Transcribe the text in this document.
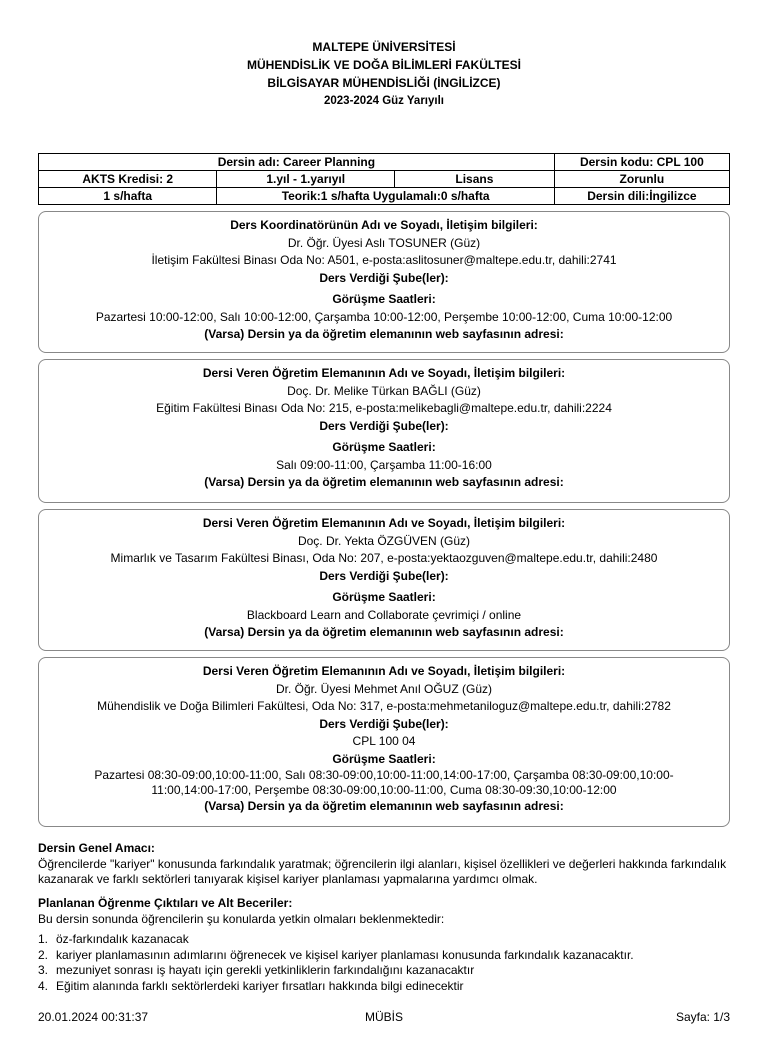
MALTEPE ÜNİVERSİTESİ
MÜHENDİSLİK VE DOĞA BİLİMLERİ FAKÜLTESİ
BİLGİSAYAR MÜHENDİSLİĞİ (İNGİLİZCE)
2023-2024 Güz Yarıyılı
Dersin adı: Career Planning			Dersin kodu: CPL 100
AKTS Kredisi: 2	1.yıl - 1.yarıyıl	Lisans	Zorunlu
1 s/hafta	Teorik:1 s/hafta Uygulamalı:0 s/hafta		Dersin dili:İngilizce
Ders Koordinatörünün Adı ve Soyadı, İletişim bilgileri:
Dr. Öğr. Üyesi Aslı TOSUNER (Güz)
İletişim Fakültesi Binası Oda No: A501, e-posta:aslitosuner@maltepe.edu.tr, dahili:2741
Ders Verdiği Şube(ler):
Görüşme Saatleri:
Pazartesi 10:00-12:00, Salı 10:00-12:00, Çarşamba 10:00-12:00, Perşembe 10:00-12:00, Cuma 10:00-12:00
(Varsa) Dersin ya da öğretim elemanının web sayfasının adresi:
Dersi Veren Öğretim Elemanının Adı ve Soyadı, İletişim bilgileri:
Doç. Dr. Melike Türkan BAĞLI (Güz)
Eğitim Fakültesi Binası Oda No: 215, e-posta:melikebagli@maltepe.edu.tr, dahili:2224
Ders Verdiği Şube(ler):
Görüşme Saatleri:
Salı 09:00-11:00, Çarşamba 11:00-16:00
(Varsa) Dersin ya da öğretim elemanının web sayfasının adresi:
Dersi Veren Öğretim Elemanının Adı ve Soyadı, İletişim bilgileri:
Doç. Dr. Yekta ÖZGÜVEN (Güz)
Mimarlık ve Tasarım Fakültesi Binası, Oda No: 207, e-posta:yektaozguven@maltepe.edu.tr, dahili:2480
Ders Verdiği Şube(ler):
Görüşme Saatleri:
Blackboard Learn and Collaborate çevrimiçi / online
(Varsa) Dersin ya da öğretim elemanının web sayfasının adresi:
Dersi Veren Öğretim Elemanının Adı ve Soyadı, İletişim bilgileri:
Dr. Öğr. Üyesi Mehmet Anıl OĞUZ (Güz)
Mühendislik ve Doğa Bilimleri Fakültesi, Oda No: 317, e-posta:mehmetaniloguz@maltepe.edu.tr, dahili:2782
Ders Verdiği Şube(ler):
CPL 100 04
Görüşme Saatleri:
Pazartesi 08:30-09:00,10:00-11:00, Salı 08:30-09:00,10:00-11:00,14:00-17:00, Çarşamba 08:30-09:00,10:00-11:00,14:00-17:00, Perşembe 08:30-09:00,10:00-11:00, Cuma 08:30-09:30,10:00-12:00
(Varsa) Dersin ya da öğretim elemanının web sayfasının adresi:
Dersin Genel Amacı:
Öğrencilerde "kariyer" konusunda farkındalık yaratmak; öğrencilerin ilgi alanları, kişisel özellikleri ve değerleri hakkında farkındalık kazanarak ve farklı sektörleri tanıyarak kişisel kariyer planlaması yapmalarına yardımcı olmak.
Planlanan Öğrenme Çıktıları ve Alt Beceriler:
Bu dersin sonunda öğrencilerin şu konularda yetkin olmaları beklenmektedir:
1. öz-farkındalık kazanacak
2. kariyer planlamasının adımlarını öğrenecek ve kişisel kariyer planlaması konusunda farkındalık kazanacaktır.
3. mezuniyet sonrası iş hayatı için gerekli yetkinliklerin farkındalığını kazanacaktır
4. Eğitim alanında farklı sektörlerdeki kariyer fırsatları hakkında bilgi edinecektir
20.01.2024 00:31:37	MÜBİS	Sayfa: 1/3
